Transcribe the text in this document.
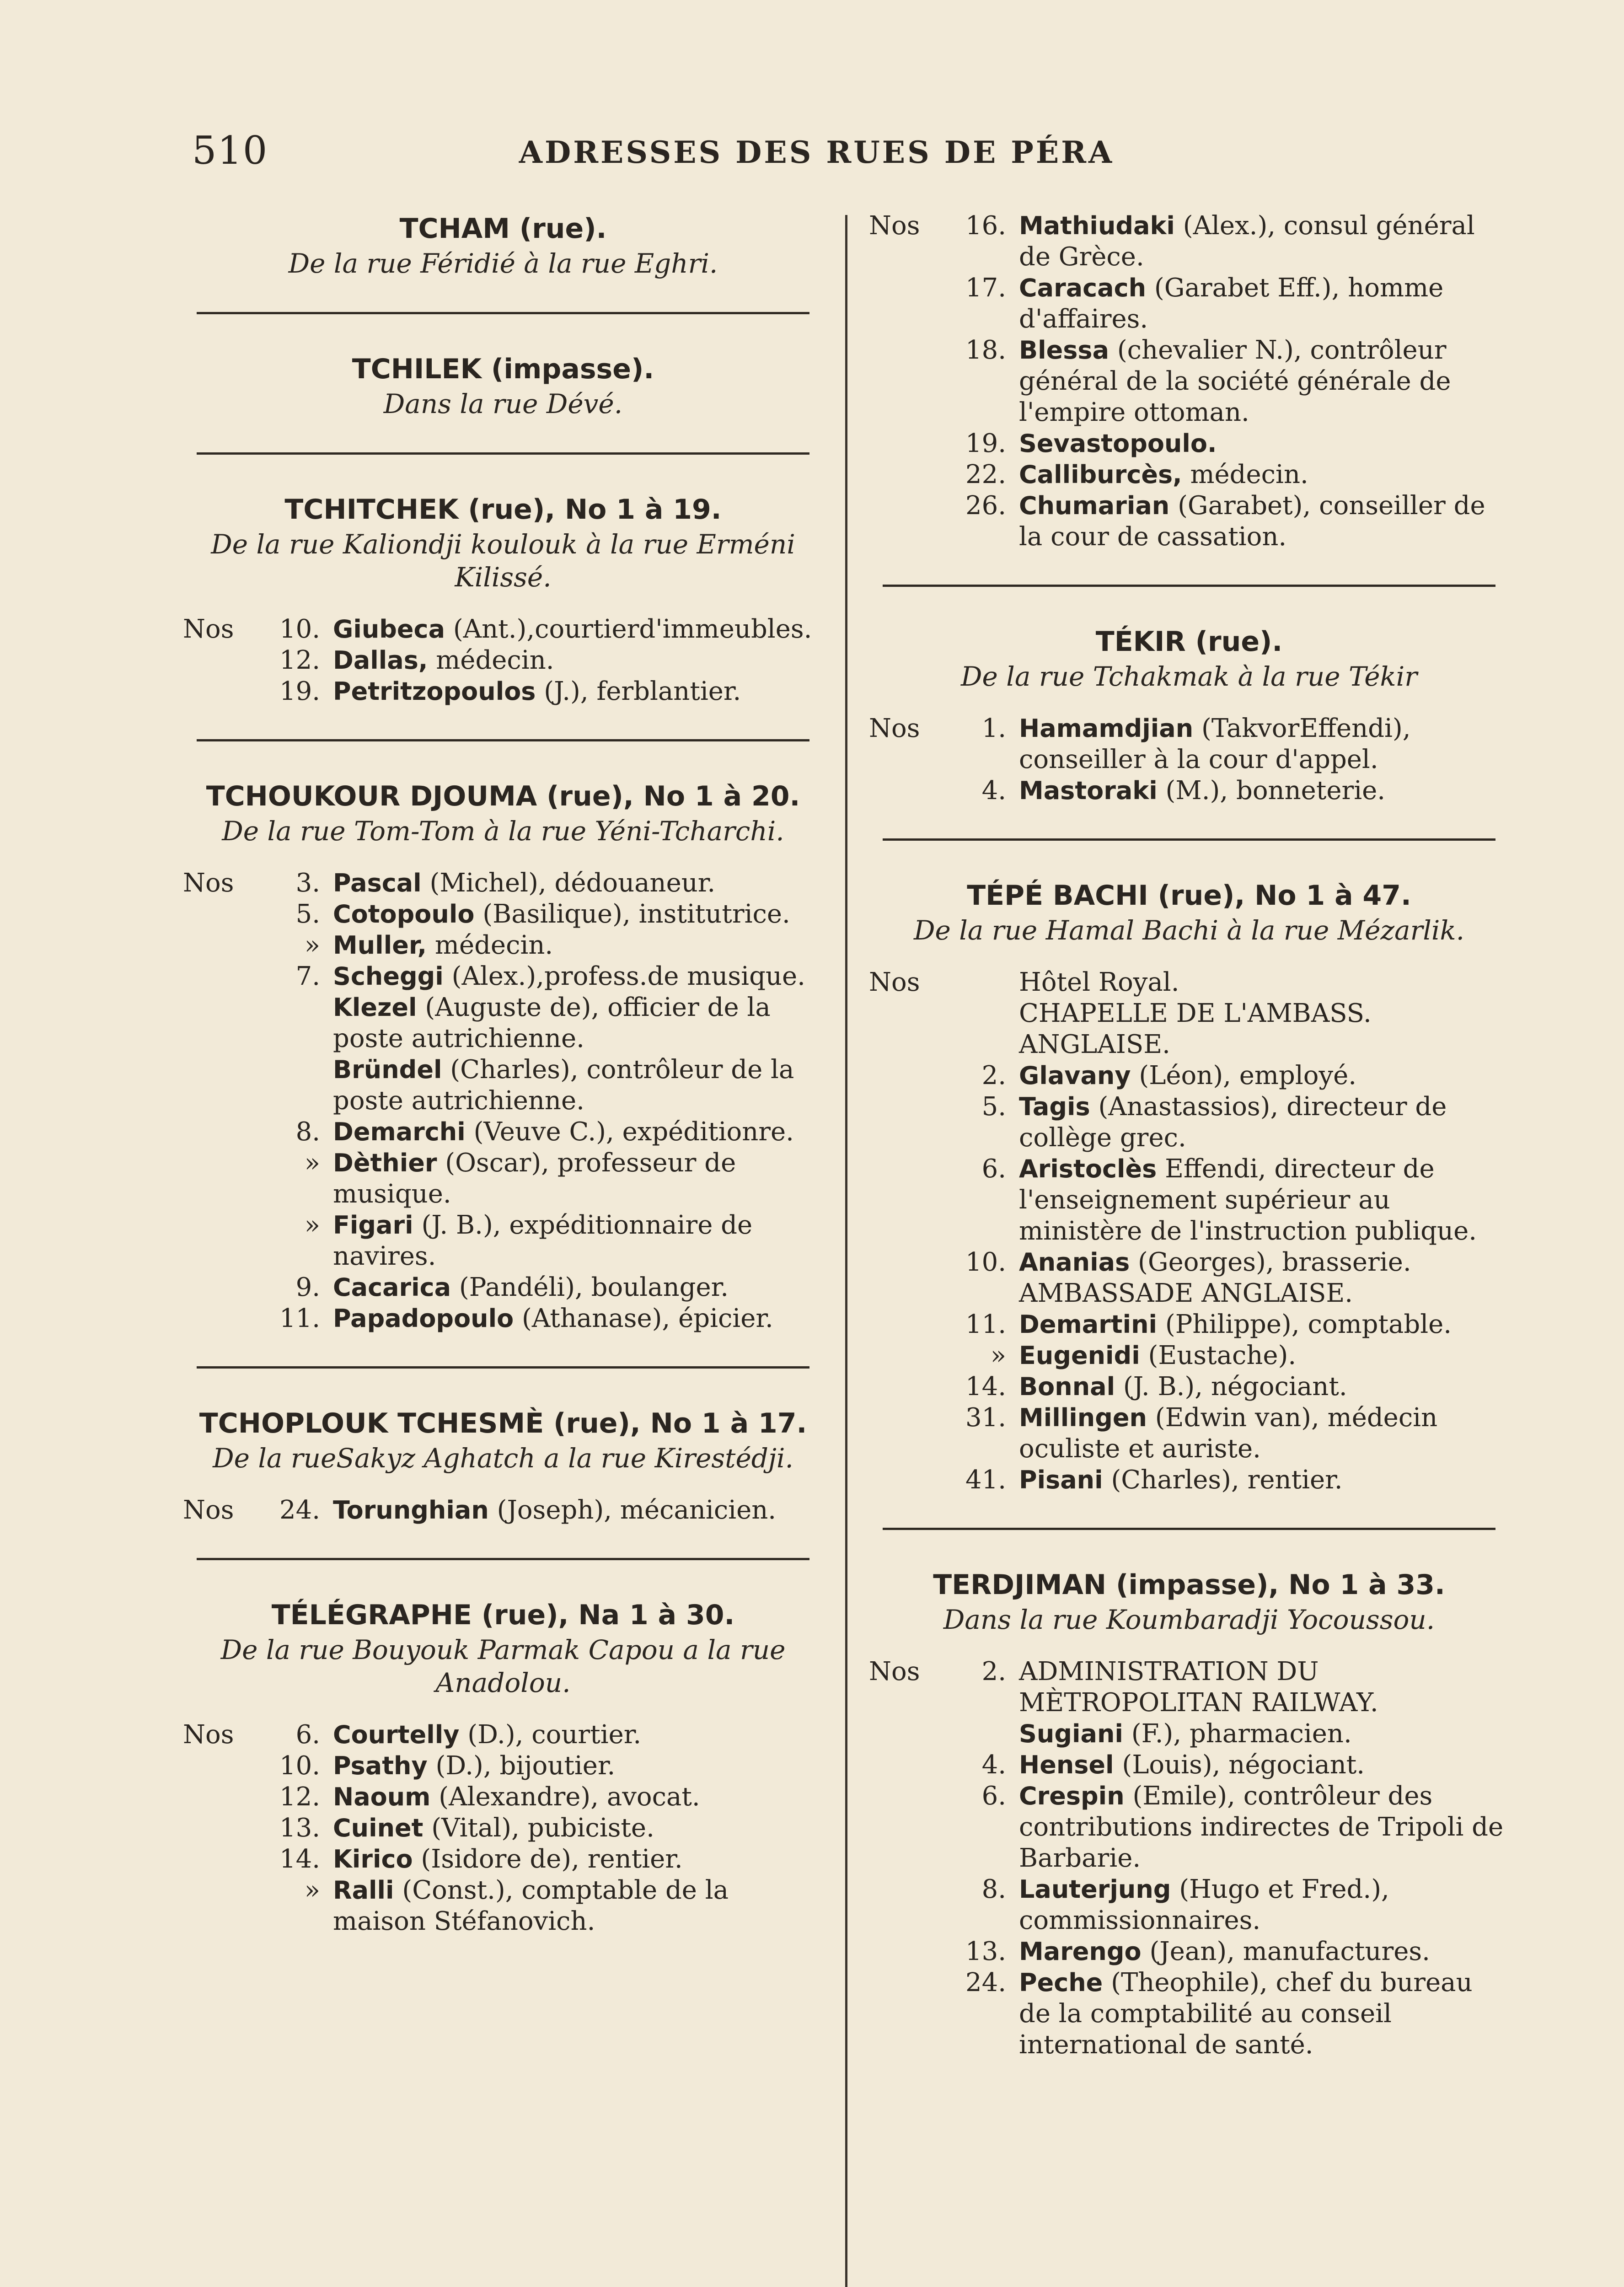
510	ADRESSES DES RUES DE PÉRA
TCHAM (rue).
De la rue Féridié à la rue Eghri.
TCHILEK (impasse).
Dans la rue Dévé.
TCHITCHEK (rue), No 1 à 19.
De la rue Kaliondji koulouk à la rue Erméni Kilissé.
Nos	10. Giubeca (Ant.),courtierd'immeubles.
12. Dallas, médecin.
19. Petritzopoulos (J.), ferblantier.
TCHOUKOUR DJOUMA (rue), No 1 à 20.
De la rue Tom-Tom à la rue Yéni-Tcharchi.
Nos	3. Pascal (Michel), dédouaneur.
5. Cotopoulo (Basilique), institutrice.
» Muller, médecin.
7. Scheggi (Alex.),profess.de musique.
Klezel (Auguste de), officier de la poste autrichienne.
Bründel (Charles), contrôleur de la poste autrichienne.
8. Demarchi (Veuve C.), expéditionre.
» Dèthier (Oscar), professeur de musique.
» Figari (J. B.), expéditionnaire de navires.
9. Cacarica (Pandéli), boulanger.
11. Papadopoulo (Athanase), épicier.
TCHOPLOUK TCHESMÈ (rue), No 1 à 17.
De la rueSakyz Aghatch a la rue Kirestédji.
Nos	24. Torunghian (Joseph), mécanicien.
TÉLÉGRAPHE (rue), Na 1 à 30.
De la rue Bouyouk Parmak Capou a la rue Anadolou.
Nos	6. Courtelly (D.), courtier.
10. Psathy (D.), bijoutier.
12. Naoum (Alexandre), avocat.
13. Cuinet (Vital), pubiciste.
14. Kirico (Isidore de), rentier.
» Ralli (Const.), comptable de la maison Stéfanovich.
Nos	16. Mathiudaki (Alex.), consul général de Grèce.
17. Caracach (Garabet Eff.), homme d'affaires.
18. Blessa (chevalier N.), contrôleur général de la société générale de l'empire ottoman.
19. Sevastopoulo.
22. Calliburcès, médecin.
26. Chumarian (Garabet), conseiller de la cour de cassation.
TÉKIR (rue).
De la rue Tchakmak à la rue Tékir
Nos	1. Hamamdjian (TakvorEffendi), conseiller à la cour d'appel.
4. Mastoraki (M.), bonneterie.
TÉPÉ BACHI (rue), No 1 à 47.
De la rue Hamal Bachi à la rue Mézarlik.
Nos	Hôtel Royal.
CHAPELLE DE L'AMBASS. ANGLAISE.
2. Glavany (Léon), employé.
5. Tagis (Anastassios), directeur de collège grec.
6. Aristoclès Effendi, directeur de l'enseignement supérieur au ministère de l'instruction publique.
10. Ananias (Georges), brasserie.
AMBASSADE ANGLAISE.
11. Demartini (Philippe), comptable.
» Eugenidi (Eustache).
14. Bonnal (J. B.), négociant.
31. Millingen (Edwin van), médecin oculiste et auriste.
41. Pisani (Charles), rentier.
TERDJIMAN (impasse), No 1 à 33.
Dans la rue Koumbaradji Yocoussou.
Nos	2. ADMINISTRATION DU MÈTROPOLITAN RAILWAY.
Sugiani (F.), pharmacien.
4. Hensel (Louis), négociant.
6. Crespin (Emile), contrôleur des contributions indirectes de Tripoli de Barbarie.
8. Lauterjung (Hugo et Fred.), commissionnaires.
13. Marengo (Jean), manufactures.
24. Peche (Theophile), chef du bureau de la comptabilité au conseil international de santé.
